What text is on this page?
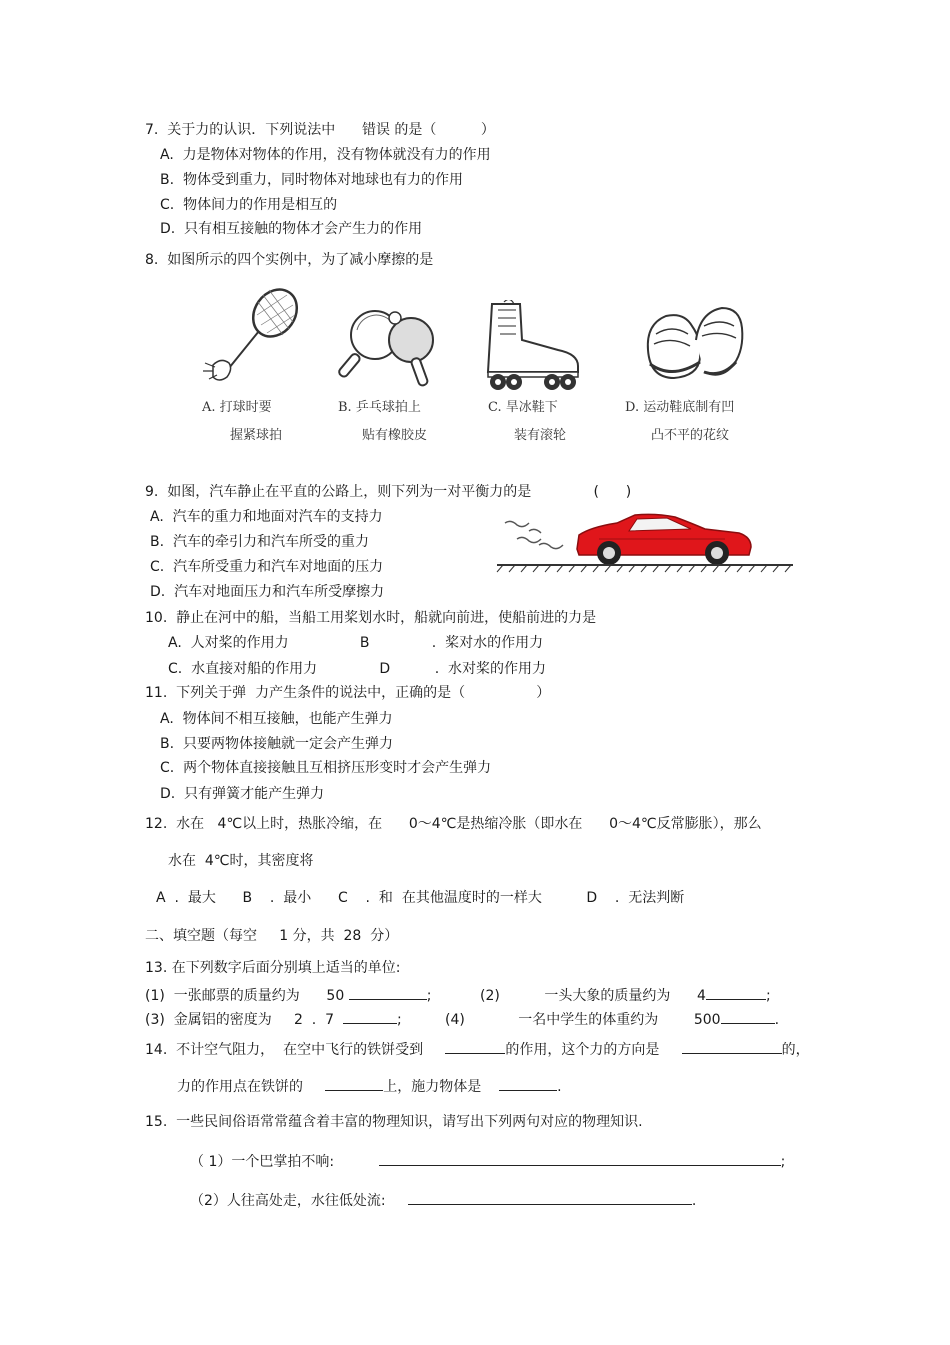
7.  关于力的认识．下列说法中      错误 的是（          ）
A.  力是物体对物体的作用，没有物体就没有力的作用
B.  物体受到重力，同时物体对地球也有力的作用
C.  物体间力的作用是相互的
D.  只有相互接触的物体才会产生力的作用
8.  如图所示的四个实例中，为了减小摩擦的是
A. 打球时要
握紧球拍
B. 乒乓球拍上
贴有橡胶皮
C. 旱冰鞋下
装有滚轮
D. 运动鞋底制有凹
凸不平的花纹
9.  如图，汽车静止在平直的公路上，则下列为一对平衡力的是              (      )
A.  汽车的重力和地面对汽车的支持力
B.  汽车的牵引力和汽车所受的重力
C.  汽车所受重力和汽车对地面的压力
D.  汽车对地面压力和汽车所受摩擦力
10.  静止在河中的船，当船工用桨划水时，船就向前进，使船前进的力是
A.  人对桨的作用力                B              .  桨对水的作用力
C.  水直接对船的作用力              D          .  水对桨的作用力
11.  下列关于弹  力产生条件的说法中，正确的是（                ）
A.  物体间不相互接触，也能产生弹力
B.  只要两物体接触就一定会产生弹力
C.  两个物体直接接触且互相挤压形变时才会产生弹力
D.  只有弹簧才能产生弹力
12.  水在   4℃以上时，热胀冷缩，在      0～4℃是热缩冷胀（即水在      0～4℃反常膨胀），那么
水在  4℃时，其密度将
A  .  最大      B    .  最小      C    .  和  在其他温度时的一样大          D    .  无法判断
二、填空题（每空     1 分，共  28  分）
13. 在下列数字后面分别填上适当的单位:
(1)  一张邮票的质量约为      50	;	(2)          一头大象的质量约为      4	;
(3)  金属铝的密度为     2  .  7	;	(4)            一名中学生的体重约为        500	.
14.  不计空气阻力，  在空中飞行的铁饼受到	的作用，这个力的方向是	的，
力的作用点在铁饼的	上，施力物体是	.
15.  一些民间俗语常常蕴含着丰富的物理知识，请写出下列两句对应的物理知识.
（ 1）一个巴掌拍不响:	;
（2）人往高处走，水往低处流:	.
